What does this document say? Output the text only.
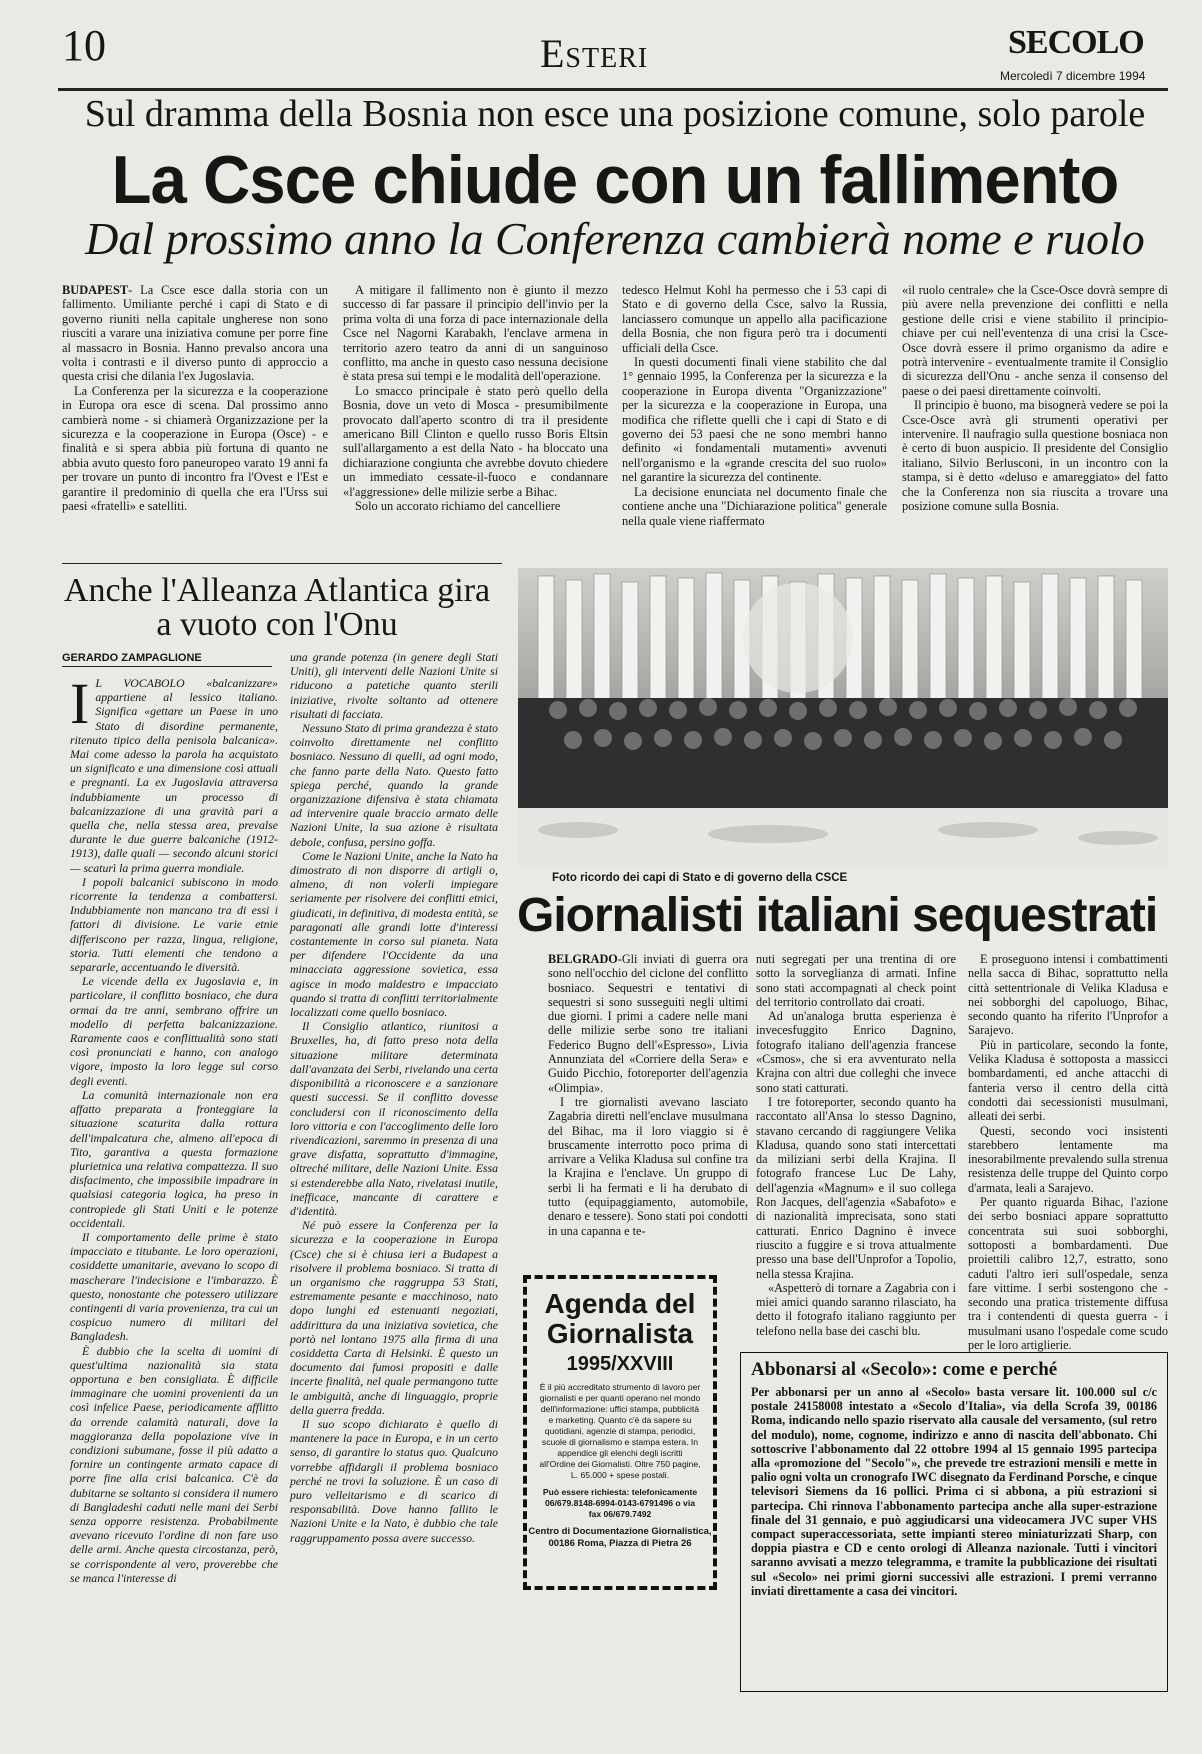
10	Esteri	SECOLO
Mercoledì 7 dicembre 1994
Sul dramma della Bosnia non esce una posizione comune, solo parole
La Csce chiude con un fallimento
Dal prossimo anno la Conferenza cambierà nome e ruolo

BUDAPEST- La Csce esce dalla storia con un fallimento. Umiliante perché i capi di Stato e di governo riuniti nella capitale ungherese non sono riusciti a varare una iniziativa comune per porre fine al massacro in Bosnia. Hanno prevalso ancora una volta i contrasti e il diverso punto di approccio a questa crisi che dilania l'ex Jugoslavia.

La Conferenza per la sicurezza e la cooperazione in Europa ora esce di scena. Dal prossimo anno cambierà nome - si chiamerà Organizzazione per la sicurezza e la cooperazione in Europa (Osce) - e finalità e si spera abbia più fortuna di quanto ne abbia avuto questo foro paneuropeo varato 19 anni fa per trovare un punto di incontro fra l'Ovest e l'Est e garantire il predominio di quella che era l'Urss sui paesi «fratelli» e satelliti.

A mitigare il fallimento non è giunto il mezzo successo di far passare il principio dell'invio per la prima volta di una forza di pace internazionale della Csce nel Nagorni Karabakh, l'enclave armena in territorio azero teatro da anni di un sanguinoso conflitto, ma anche in questo caso nessuna decisione è stata presa sui tempi e le modalità dell'operazione.

Lo smacco principale è stato però quello della Bosnia, dove un veto di Mosca - presumibilmente provocato dall'aperto scontro di tra il presidente americano Bill Clinton e quello russo Boris Eltsin sull'allargamento a est della Nato - ha bloccato una dichiarazione congiunta che avrebbe dovuto chiedere un immediato cessate-il-fuoco e condannare «l'aggressione» delle milizie serbe a Bihac.

Solo un accorato richiamo del cancelliere

tedesco Helmut Kohl ha permesso che i 53 capi di Stato e di governo della Csce, salvo la Russia, lanciassero comunque un appello alla pacificazione della Bosnia, che non figura però tra i documenti ufficiali della Csce.

In questi documenti finali viene stabilito che dal 1° gennaio 1995, la Conferenza per la sicurezza e la cooperazione in Europa diventa "Organizzazione" per la sicurezza e la cooperazione in Europa, una modifica che riflette quelli che i capi di Stato e di governo dei 53 paesi che ne sono membri hanno definito «i fondamentali mutamenti» avvenuti nell'organismo e la «grande crescita del suo ruolo» nel garantire la sicurezza del continente.

La decisione enunciata nel documento finale che contiene anche una "Dichiarazione politica" generale nella quale viene riaffermato

«il ruolo centrale» che la Csce-Osce dovrà sempre di più avere nella prevenzione dei conflitti e nella gestione delle crisi e viene stabilito il principio-chiave per cui nell'eventenza di una crisi la Csce-Osce dovrà essere il primo organismo da adire e potrà intervenire - eventualmente tramite il Consiglio di sicurezza dell'Onu - anche senza il consenso del paese o dei paesi direttamente coinvolti.

Il principio è buono, ma bisognerà vedere se poi la Csce-Osce avrà gli strumenti operativi per intervenire. Il naufragio sulla questione bosniaca non è certo di buon auspicio. Il presidente del Consiglio italiano, Silvio Berlusconi, in un incontro con la stampa, si è detto «deluso e amareggiato» del fatto che la Conferenza non sia riuscita a trovare una posizione comune sulla Bosnia.

Anche l'Alleanza Atlantica gira a vuoto con l'Onu
GERARDO ZAMPAGLIONE

I L VOCABOLO «balcanizzare» appartiene al lessico italiano. Significa «gettare un Paese in uno Stato di disordine permanente, ritenuto tipico della penisola balcanica». Mai come adesso la parola ha acquistato un significato e una dimensione così attuali e pregnanti. La ex Jugoslavia attraversa indubbiamente un processo di balcanizzazione di una gravità pari a quella che, nella stessa area, prevalse durante le due guerre balcaniche (1912-1913), dalle quali — secondo alcuni storici — scaturì la prima guerra mondiale.

I popoli balcanici subiscono in modo ricorrente la tendenza a combattersi. Indubbiamente non mancano tra di essi i fattori di divisione. Le varie etnie differiscono per razza, lingua, religione, storia. Tutti elementi che tendono a separarle, accentuando le diversità.

Le vicende della ex Jugoslavia e, in particolare, il conflitto bosniaco, che dura ormai da tre anni, sembrano offrire un modello di perfetta balcanizzazione. Raramente caos e conflittualità sono stati così pronunciati e hanno, con analogo vigore, imposto la loro legge sul corso degli eventi.

La comunità internazionale non era affatto preparata a fronteggiare la situazione scaturita dalla rottura dell'impalcatura che, almeno all'epoca di Tito, garantiva a questa formazione plurietnica una relativa compattezza. Il suo disfacimento, che impossibile impadrare in qualsiasi categoria logica, ha preso in contropiede gli Stati Uniti e le potenze occidentali.

Il comportamento delle prime è stato impacciato e titubante. Le loro operazioni, cosiddette umanitarie, avevano lo scopo di mascherare l'indecisione e l'imbarazzo. È questo, nonostante che potessero utilizzare contingenti di varia provenienza, tra cui un cospicuo numero di militari del Bangladesh.

È dubbio che la scelta di uomini di quest'ultima nazionalità sia stata opportuna e ben consigliata. È difficile immaginare che uomini provenienti da un così infelice Paese, periodicamente afflitto da orrende calamità naturali, dove la maggioranza della popolazione vive in condizioni subumane, fosse il più adatto a fornire un contingente armato capace di porre fine alla crisi balcanica. C'è da dubitarne se soltanto si considera il numero di Bangladeshi caduti nelle mani dei Serbi senza opporre resistenza. Probabilmente avevano ricevuto l'ordine di non fare uso delle armi. Anche questa circostanza, però, se corrispondente al vero, proverebbe che se manca l'interesse di

una grande potenza (in genere degli Stati Uniti), gli interventi delle Nazioni Unite si riducono a patetiche quanto sterili iniziative, rivolte soltanto ad ottenere risultati di facciata.

Nessuno Stato di prima grandezza è stato coinvolto direttamente nel conflitto bosniaco. Nessuno di quelli, ad ogni modo, che fanno parte della Nato. Questo fatto spiega perché, quando la grande organizzazione difensiva è stata chiamata ad intervenire quale braccio armato delle Nazioni Unite, la sua azione è risultata debole, confusa, persino goffa.

Come le Nazioni Unite, anche la Nato ha dimostrato di non disporre di artigli o, almeno, di non volerli impiegare seriamente per risolvere dei conflitti etnici, giudicati, in definitiva, di modesta entità, se paragonati alle grandi lotte d'interessi costantemente in corso sul pianeta. Nata per difendere l'Occidente da una minacciata aggressione sovietica, essa agisce in modo maldestro e impacciato quando si tratta di conflitti territorialmente localizzati come quello bosniaco.

Il Consiglio atlantico, riunitosi a Bruxelles, ha, di fatto preso nota della situazione militare determinata dall'avanzata dei Serbi, rivelando una certa disponibilità a riconoscere e a sanzionare questi successi. Se il conflitto dovesse concludersi con il riconoscimento della loro vittoria e con l'accoglimento delle loro rivendicazioni, saremmo in presenza di una grave disfatta, soprattutto d'immagine, oltreché militare, delle Nazioni Unite. Essa si estenderebbe alla Nato, rivelatasi inutile, inefficace, mancante di carattere e d'identità.

Né può essere la Conferenza per la sicurezza e la cooperazione in Europa (Csce) che si è chiusa ieri a Budapest a risolvere il problema bosniaco. Si tratta di un organismo che raggruppa 53 Stati, estremamente pesante e macchinoso, nato dopo lunghi ed estenuanti negoziati, addirittura da una iniziativa sovietica, che portò nel lontano 1975 alla firma di una cosiddetta Carta di Helsinki. È questo un documento dai fumosi propositi e dalle incerte finalità, nel quale permangono tutte le ambiguità, anche di linguaggio, proprie della guerra fredda.

Il suo scopo dichiarato è quello di mantenere la pace in Europa, e in un certo senso, di garantire lo status quo. Qualcuno vorrebbe affidargli il problema bosniaco perché ne trovi la soluzione. È un caso di puro velleitarismo e di scarico di responsabilità. Dove hanno fallito le Nazioni Unite e la Nato, è dubbio che tale raggruppamento possa avere successo.

Foto ricordo dei capi di Stato e di governo della CSCE
Giornalisti italiani sequestrati

BELGRADO-Gli inviati di guerra ora sono nell'occhio del ciclone del conflitto bosniaco. Sequestri e tentativi di sequestri si sono susseguiti negli ultimi due giorni. I primi a cadere nelle mani delle milizie serbe sono tre italiani Federico Bugno dell'«Espresso», Livia Annunziata del «Corriere della Sera» e Guido Picchio, fotoreporter dell'agenzia «Olimpia».

I tre giornalisti avevano lasciato Zagabria diretti nell'enclave musulmana del Bihac, ma il loro viaggio si è bruscamente interrotto poco prima di arrivare a Velika Kladusa sul confine tra la Krajina e l'enclave. Un gruppo di serbi li ha fermati e li ha derubato di tutto (equipaggiamento, automobile, denaro e tessere). Sono stati poi condotti in una capanna e te-

nuti segregati per una trentina di ore sotto la sorveglianza di armati. Infine sono stati accompagnati al check point del territorio controllato dai croati.

Ad un'analoga brutta esperienza è invecesfuggito Enrico Dagnino, fotografo italiano dell'agenzia francese «Csmos», che si era avventurato nella Krajna con altri due colleghi che invece sono stati catturati.

I tre fotoreporter, secondo quanto ha raccontato all'Ansa lo stesso Dagnino, stavano cercando di raggiungere Velika Kladusa, quando sono stati intercettati da miliziani serbi della Krajina. Il fotografo francese Luc De Lahy, dell'agenzia «Magnum» e il suo collega Ron Jacques, dell'agenzia «Sabafoto» e di nazionalità imprecisata, sono stati catturati. Enrico Dagnino è invece riuscito a fuggire e si trova attualmente presso una base dell'Unprofor a Topolio, nella stessa Krajina.

«Aspetterò di tornare a Zagabria con i miei amici quando saranno rilasciato, ha detto il fotografo italiano raggiunto per telefono nella base dei caschi blu.

E proseguono intensi i combattimenti nella sacca di Bihac, soprattutto nella città settentrionale di Velika Kladusa e nei sobborghi del capoluogo, Bihac, secondo quanto ha riferito l'Unprofor a Sarajevo.

Più in particolare, secondo la fonte, Velika Kladusa è sottoposta a massicci bombardamenti, ed anche attacchi di fanteria verso il centro della città condotti dai secessionisti musulmani, alleati dei serbi.

Questi, secondo voci insistenti starebbero lentamente ma inesorabilmente prevalendo sulla strenua resistenza delle truppe del Quinto corpo d'armata, leali a Sarajevo.

Per quanto riguarda Bihac, l'azione dei serbo bosniaci appare soprattutto concentrata sui suoi sobborghi, sottoposti a bombardamenti. Due proiettili calibro 12,7, estratto, sono caduti l'altro ieri sull'ospedale, senza fare vittime. I serbi sostengono che - secondo una pratica tristemente diffusa tra i contendenti di questa guerra - i musulmani usano l'ospedale come scudo per le loro artiglierie.

Agenda del Giornalista
1995/XXVIII
È il più accreditato strumento di lavoro per giornalisti e per quanti operano nel mondo dell'informazione: uffici stampa, pubblicità e marketing. Quanto c'è da sapere su quotidiani, agenzie di stampa, periodici, scuole di giornalismo e stampa estera. In appendice gli elenchi degli iscritti all'Ordine dei Giornalisti. Oltre 750 pagine, L. 65.000 + spese postali.
Può essere richiesta: telefonicamente
06/679.8148-6994-0143-6791496 o via fax 06/679.7492
Centro di Documentazione Giornalistica, 00186 Roma, Piazza di Pietra 26
Abbonarsi al «Secolo»: come e perché
Per abbonarsi per un anno al «Secolo» basta versare lit. 100.000 sul c/c postale 24158008 intestato a «Secolo d'Italia», via della Scrofa 39, 00186 Roma, indicando nello spazio riservato alla causale del versamento, (sul retro del modulo), nome, cognome, indirizzo e anno di nascita dell'abbonato. Chi sottoscrive l'abbonamento dal 22 ottobre 1994 al 15 gennaio 1995 partecipa alla «promozione del "Secolo"», che prevede tre estrazioni mensili e mette in palio ogni volta un cronografo IWC disegnato da Ferdinand Porsche, e cinque televisori Siemens da 16 pollici. Prima ci si abbona, a più estrazioni si partecipa. Chi rinnova l'abbonamento partecipa anche alla super-estrazione finale del 31 gennaio, e può aggiudicarsi una videocamera JVC super VHS compact superaccessoriata, sette impianti stereo miniaturizzati Sharp, con doppia piastra e CD e cento orologi di Alleanza nazionale. Tutti i vincitori saranno avvisati a mezzo telegramma, e tramite la pubblicazione dei risultati sul «Secolo» nei primi giorni successivi alle estrazioni. I premi verranno inviati direttamente a casa dei vincitori.
